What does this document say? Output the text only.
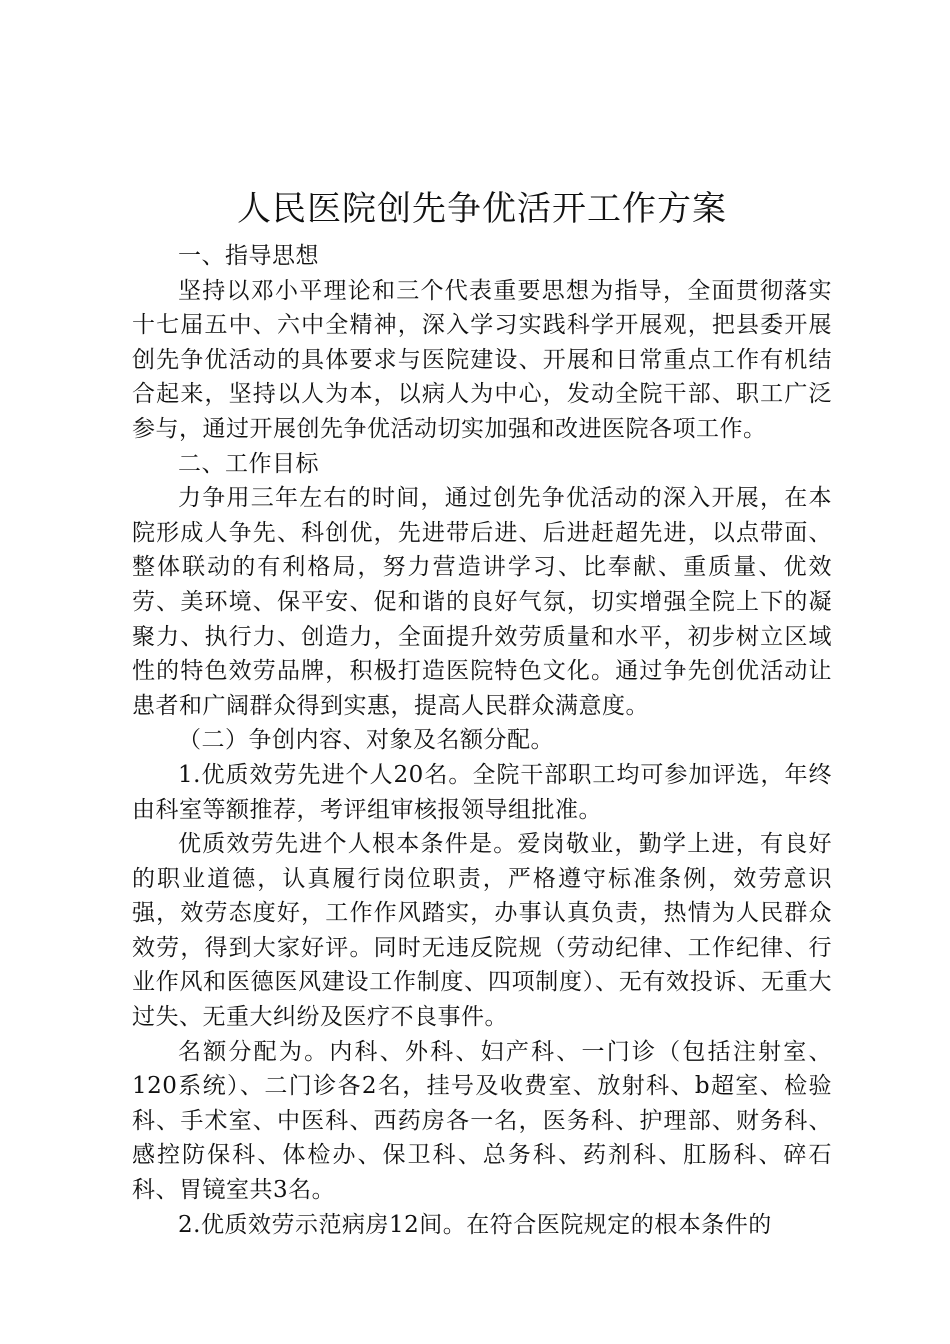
人民医院创先争优活开工作方案

一、指导思想

坚持以邓小平理论和三个代表重要思想为指导，全面贯彻落实十七届五中、六中全精神，深入学习实践科学开展观，把县委开展创先争优活动的具体要求与医院建设、开展和日常重点工作有机结合起来，坚持以人为本，以病人为中心，发动全院干部、职工广泛参与，通过开展创先争优活动切实加强和改进医院各项工作。

二、工作目标

力争用三年左右的时间，通过创先争优活动的深入开展，在本院形成人争先、科创优，先进带后进、后进赶超先进，以点带面、整体联动的有利格局，努力营造讲学习、比奉献、重质量、优效劳、美环境、保平安、促和谐的良好气氛，切实增强全院上下的凝聚力、执行力、创造力，全面提升效劳质量和水平，初步树立区域性的特色效劳品牌，积极打造医院特色文化。通过争先创优活动让患者和广阔群众得到实惠，提高人民群众满意度。

（二）争创内容、对象及名额分配。

1.优质效劳先进个人20名。全院干部职工均可参加评选，年终由科室等额推荐，考评组审核报领导组批准。

优质效劳先进个人根本条件是。爱岗敬业，勤学上进，有良好的职业道德，认真履行岗位职责，严格遵守标准条例，效劳意识强，效劳态度好，工作作风踏实，办事认真负责，热情为人民群众效劳，得到大家好评。同时无违反院规（劳动纪律、工作纪律、行业作风和医德医风建设工作制度、四项制度）、无有效投诉、无重大过失、无重大纠纷及医疗不良事件。

名额分配为。内科、外科、妇产科、一门诊（包括注射室、120系统）、二门诊各2名，挂号及收费室、放射科、b超室、检验科、手术室、中医科、西药房各一名，医务科、护理部、财务科、感控防保科、体检办、保卫科、总务科、药剂科、肛肠科、碎石科、胃镜室共3名。

2.优质效劳示范病房12间。在符合医院规定的根本条件的
